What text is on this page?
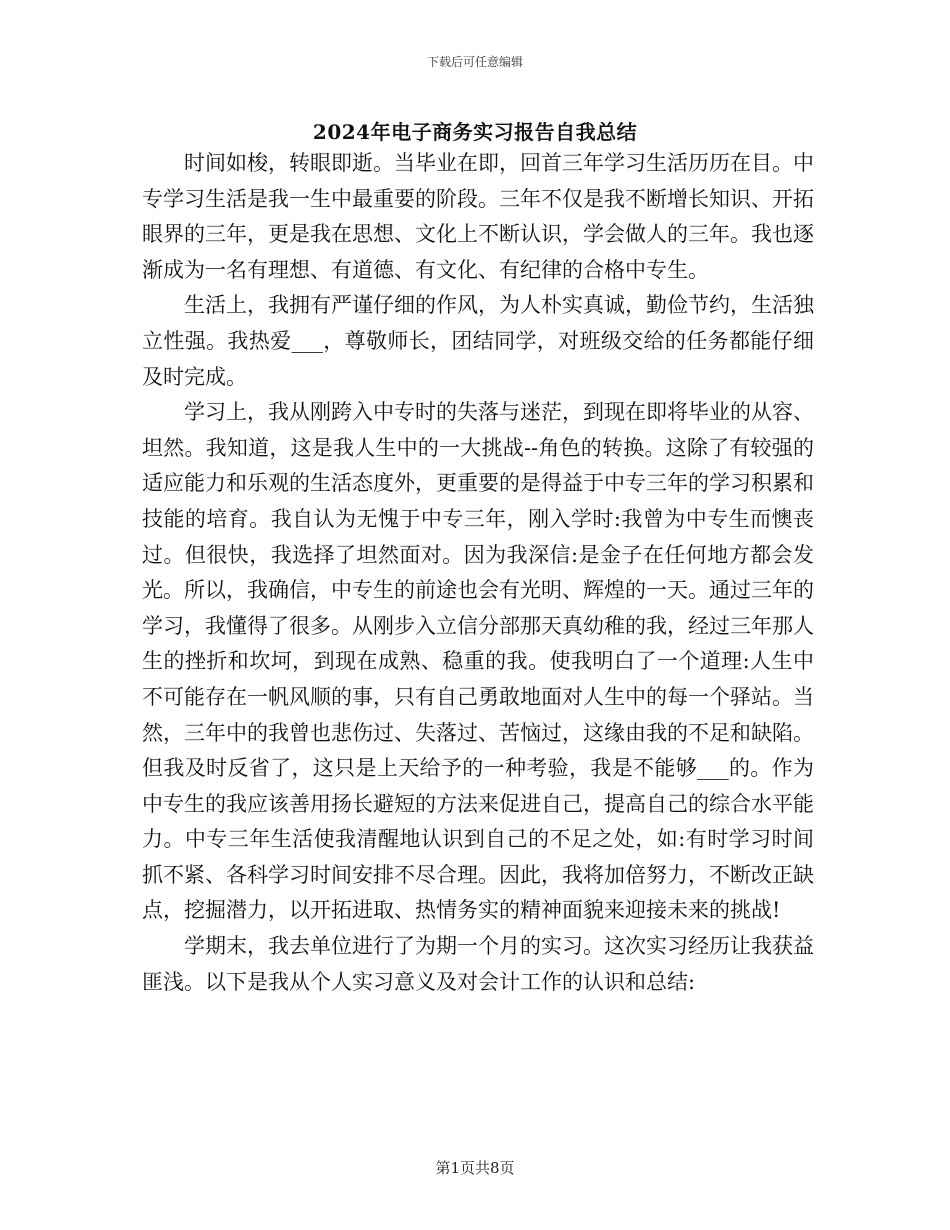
下载后可任意编辑
2024年电子商务实习报告自我总结

时间如梭，转眼即逝。当毕业在即，回首三年学习生活历历在目。中专学习生活是我一生中最重要的阶段。三年不仅是我不断增长知识、开拓眼界的三年，更是我在思想、文化上不断认识，学会做人的三年。我也逐渐成为一名有理想、有道德、有文化、有纪律的合格中专生。

生活上，我拥有严谨仔细的作风，为人朴实真诚，勤俭节约，生活独立性强。我热爱___，尊敬师长，团结同学，对班级交给的任务都能仔细及时完成。

学习上，我从刚跨入中专时的失落与迷茫，到现在即将毕业的从容、坦然。我知道，这是我人生中的一大挑战--角色的转换。这除了有较强的适应能力和乐观的生活态度外，更重要的是得益于中专三年的学习积累和技能的培育。我自认为无愧于中专三年，刚入学时:我曾为中专生而懊丧过。但很快，我选择了坦然面对。因为我深信:是金子在任何地方都会发光。所以，我确信，中专生的前途也会有光明、辉煌的一天。通过三年的学习，我懂得了很多。从刚步入立信分部那天真幼稚的我，经过三年那人生的挫折和坎坷，到现在成熟、稳重的我。使我明白了一个道理:人生中不可能存在一帆风顺的事，只有自己勇敢地面对人生中的每一个驿站。当然，三年中的我曾也悲伤过、失落过、苦恼过，这缘由我的不足和缺陷。但我及时反省了，这只是上天给予的一种考验，我是不能够___的。作为中专生的我应该善用扬长避短的方法来促进自己，提高自己的综合水平能力。中专三年生活使我清醒地认识到自己的不足之处，如:有时学习时间抓不紧、各科学习时间安排不尽合理。因此，我将加倍努力，不断改正缺点，挖掘潜力，以开拓进取、热情务实的精神面貌来迎接未来的挑战!

学期末，我去单位进行了为期一个月的实习。这次实习经历让我获益匪浅。以下是我从个人实习意义及对会计工作的认识和总结:

第1页共8页
